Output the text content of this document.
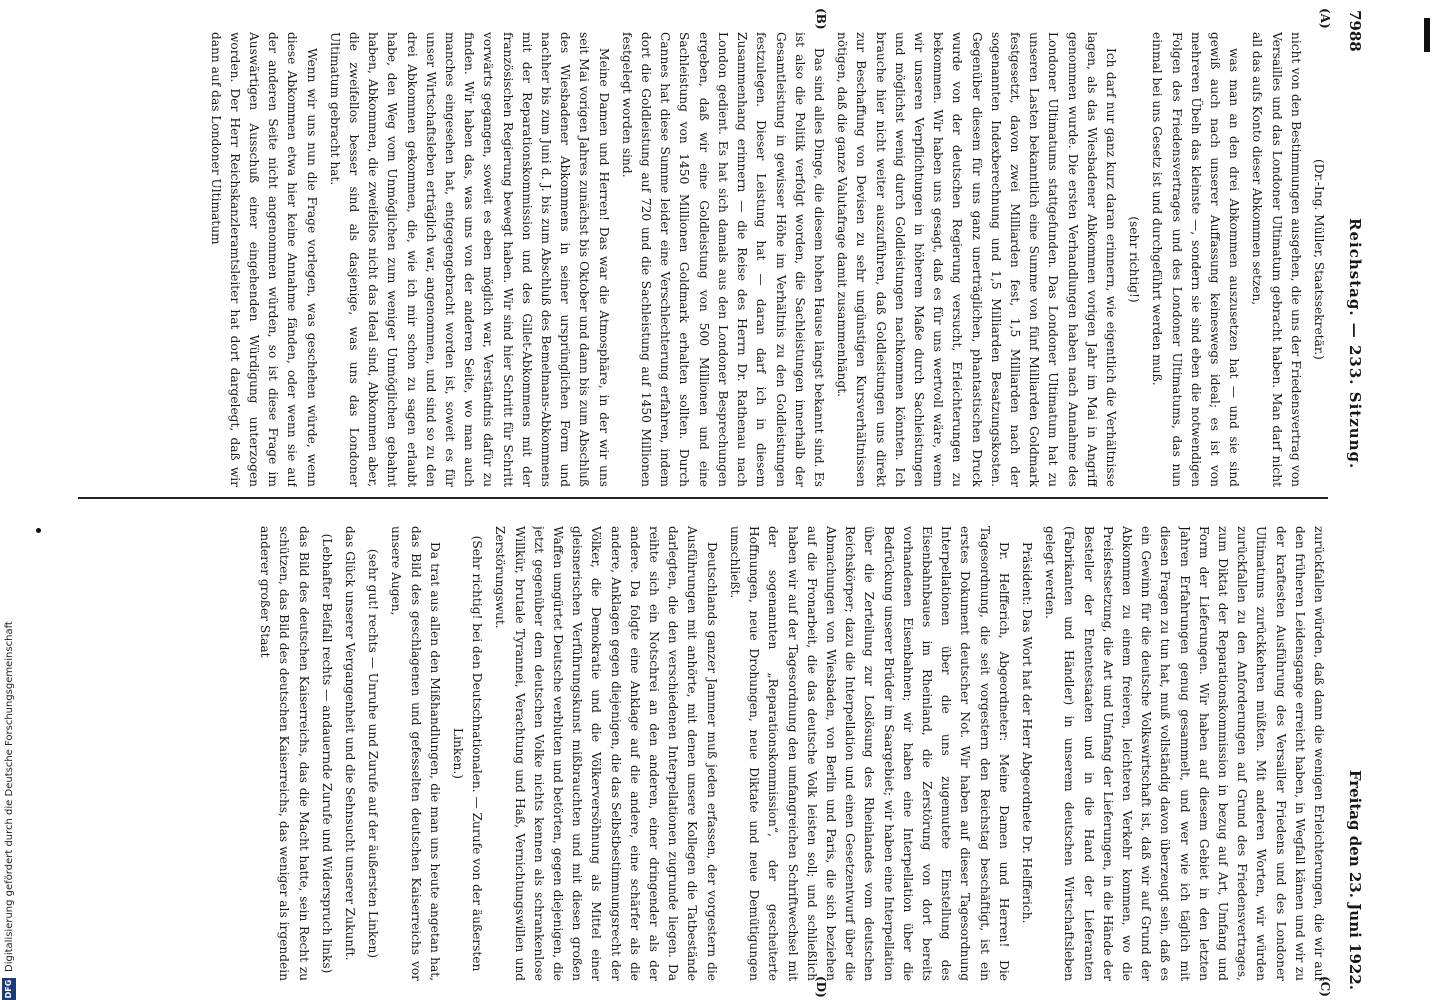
7988
Reichstag. — 233. Sitzung.
Freitag den 23. Juni 1922.
(A)
(B)
(C)
(D)

(Dr.-Ing. Müller, Staatssekretär.)

nicht von den Bestimmungen ausgehen, die uns der Friedensvertrag von Versailles und das Londoner Ultimatum gebracht haben. Man darf nicht all das aufs Konto dieser Abkommen setzen,

was man an den drei Abkommen auszusetzen hat — und sie sind gewiß auch nach unserer Auffassung keineswegs ideal; es ist von mehreren Übeln das kleinste —, sondern sie sind eben die notwendigen Folgen des Friedensvertrages und des Londoner Ultimatums, das nun einmal bei uns Gesetz ist und durchgeführt werden muß.

(sehr richtig!)

Ich darf nur ganz kurz daran erinnern, wie eigentlich die Verhältnisse lagen, als das Wiesbadener Abkommen vorigen Jahr im Mai in Angriff genommen wurde. Die ersten Verhandlungen haben nach Annahme des Londoner Ultimatums stattgefunden. Das Londoner Ultimatum hat zu unseren Lasten bekanntlich eine Summe von fünf Milliarden Goldmark festgesetzt, davon zwei Milliarden fest, 1,5 Milliarden nach der sogenannten Indexberechnung und 1,5 Milliarden Besatzungskosten. Gegenüber diesem für uns ganz unerträglichen, phantastischen Druck wurde von der deutschen Regierung versucht, Erleichterungen zu bekommen. Wir haben uns gesagt, daß es für uns wertvoll wäre, wenn wir unseren Verpflichtungen in höherem Maße durch Sachleistungen und möglichst wenig durch Goldleistungen nachkommen könnten. Ich brauche hier nicht weiter auszuführen, daß Goldleistungen uns direkt zur Beschaffung von Devisen zu sehr ungünstigen Kursverhältnissen nötigen, daß die ganze Valutafrage damit zusammenhängt.

Das sind alles Dinge, die diesem hohen Hause längst bekannt sind. Es ist also die Politik verfolgt worden, die Sachleistungen innerhalb der Gesamtleistung in gewisser Höhe im Verhältnis zu den Goldleistungen festzulegen. Dieser Leistung hat — daran darf ich in diesem Zusammenhang erinnern — die Reise des Herrn Dr. Rathenau nach London gedient. Es hat sich damals aus den Londoner Besprechungen ergeben, daß wir eine Goldleistung von 500 Millionen und eine Sachleistung von 1450 Millionen Goldmark erhalten sollten. Durch Cannes hat diese Summe leider eine Verschlechterung erfahren, indem dort die Goldleistung auf 720 und die Sachleistung auf 1450 Millionen festgelegt worden sind.

Meine Damen und Herren! Das war die Atmosphäre, in der wir uns seit Mai vorigen Jahres zunächst bis Oktober und dann bis zum Abschluß des Wiesbadener Abkommens in seiner ursprünglichen Form und nachher bis zum Juni d. J. bis zum Abschluß des Bemelmans-Abkommens mit der Reparationskommission und des Gillet-Abkommens mit der französischen Regierung bewegt haben. Wir sind hier Schritt für Schritt vorwärts gegangen, soweit es eben möglich war, Verständnis dafür zu finden. Wir haben das, was uns von der anderen Seite, wo man auch manches eingesehen hat, entgegengebracht worden ist, soweit es für unser Wirtschaftsleben erträglich war, angenommen, und sind so zu den drei Abkommen gekommen, die, wie ich mir schon zu sagen erlaubt habe, den Weg vom Unmöglichen zum weniger Unmöglichen gebahnt haben, Abkommen, die zweifellos nicht das Ideal sind, Abkommen aber, die zweifellos besser sind als dasjenige, was uns das Londoner Ultimatum gebracht hat.

Wenn wir uns nun die Frage vorlegen, was geschehen würde, wenn diese Abkommen etwa hier keine Annahme fänden, oder wenn sie auf der anderen Seite nicht angenommen würden, so ist diese Frage im Auswärtigen Ausschuß einer eingehenden Würdigung unterzogen worden. Der Herr Reichskanzleramtsleiter hat dort dargelegt, daß wir dann auf das Londoner Ultimatum

zurückfallen würden, daß dann die wenigen Erleichterungen, die wir auf den früheren Leidensgange erreicht haben, in Wegfall kämen und wir zu der kraftesten Ausführung des Versailler Friedens und des Londoner Ultimatums zurückkehren müßten. Mit anderen Worten, wir würden zurückfallen zu den Anforderungen auf Grund des Friedensvertrages, zum Diktat der Reparationskommission in bezug auf Art, Umfang und Form der Lieferungen. Wir haben auf diesem Gebiet in den letzten Jahren Erfahrungen genug gesammelt, und wer wie ich täglich mit diesen Fragen zu tun hat, muß vollständig davon überzeugt sein, daß es ein Gewinn für die deutsche Volkswirtschaft ist, daß wir auf Grund der Abkommen zu einem freieren, leichteren Verkehr kommen, wo die Preisfestsetzung, die Art und Umfang der Lieferungen, in die Hände der Besteller der Ententestaaten und in die Hand der Lieferanten (Fabrikanten und Händler) in unserem deutschen Wirtschaftsleben gelegt werden.

Präsident: Das Wort hat der Herr Abgeordnete Dr. Helfferich.

Dr. Helfferich, Abgeordneter: Meine Damen und Herren! Die Tagesordnung, die seit vorgestern den Reichstag beschäftigt, ist ein erstes Dokument deutscher Not. Wir haben auf dieser Tagesordnung Interpellationen über die uns zugemutete Einstellung des Eisenbahnbaues im Rheinland, die Zerstörung von dort bereits vorhandenen Eisenbahnen; wir haben eine Interpellation über die Bedrückung unserer Brüder im Saargebiet; wir haben eine Interpellation über die Zerteilung zur Loslösung des Rheinlandes vom deutschen Reichskörper; dazu die Interpellation und einen Gesetzentwurf über die Abmachungen von Wiesbaden, von Berlin und Paris, die sich beziehen auf die Fronarbeit, die das deutsche Volk leisten soll; und schließlich haben wir auf der Tagesordnung den umfangreichen Schriftwechsel mit der sogenannten „Reparationskommission“, der gescheiterte Hoffnungen, neue Drohungen, neue Diktate und neue Demütigungen umschließt.

Deutschlands ganzer Jammer muß jeden erfassen, der vorgestern die Ausführungen mit anhörte, mit denen unsere Kollegen die Tatbestände darlegten, die den verschiedenen Interpellationen zugrunde liegen. Da reihte sich ein Notschrei an den anderen, einer dringender als der andere. Da folgte eine Anklage auf die andere, eine schärfer als die andere, Anklagen gegen diejenigen, die das Selbstbestimmungsrecht der Völker, die Demokratie und die Völkerversöhnung als Mittel einer gleisnerischen Verführungskunst mißbrauchten und mit diesen großen Waffen umgürtet Deutsche verbluten und betörten, gegen diejenigen, die jetzt gegenüber dem deutschen Volke nichts kennen als schrankenlose Willkür, brutale Tyrannei, Verachtung und Haß, Vernichtungswillen und Zerstörungswut.

(Sehr richtig! bei den Deutschnationalen. — Zurufe von der äußersten Linken.)

Da trat aus allen den Mißhandlungen, die man uns heute angetan hat, das Bild des geschlagenen und gefesselten deutschen Kaiserreichs vor unsere Augen,

(sehr gut! rechts — Unruhe und Zurufe auf der äußersten Linken)

das Glück unserer Vergangenheit und die Sehnsucht unserer Zukunft.

(Lebhafter Beifall rechts — andauernde Zurufe und Widerspruch links)

das Bild des deutschen Kaiserreichs, das die Macht hatte, sein Recht zu schützen, das Bild des deutschen Kaiserreichs, das weniger als irgendein anderer großer Staat

DFG
Digitalisierung gefördert durch die Deutsche Forschungsgemeinschaft
